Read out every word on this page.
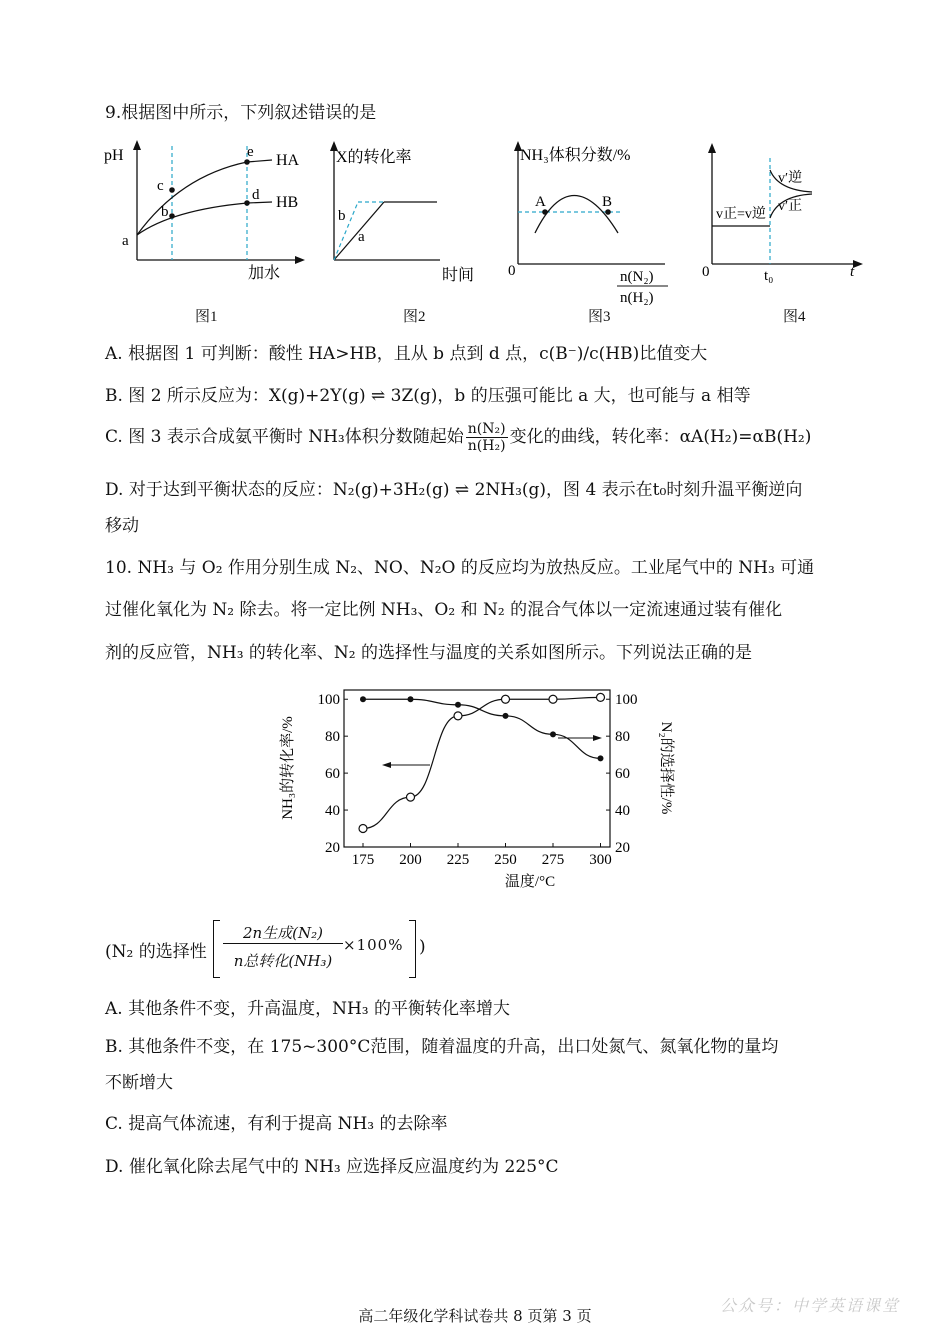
9.根据图中所示，下列叙述错误的是
pH	HA
HB
a
b
c
d
e
加水
图1
X的转化率
a
b
时间
图2
NH₃体积分数/%
A	B
0	n(N₂)
n(H₂)
图3
v正=v逆
v′逆
v′正
0	t₀	t
图4
A. 根据图 1 可判断：酸性 HA>HB，且从 b 点到 d 点，c(B⁻)/c(HB)比值变大
B. 图 2 所示反应为：X(g)+2Y(g) ⇌ 3Z(g)，b 的压强可能比 a 大，也可能与 a 相等
C. 图 3 表示合成氨平衡时 NH₃体积分数随起始 $\frac{\text{n(N₂)}}{\text{n(H₂)}}$ 变化的曲线，转化率：αA(H₂)=αB(H₂)
D. 对于达到平衡状态的反应：N₂(g)+3H₂(g) ⇌ 2NH₃(g)，图 4 表示在t₀时刻升温平衡逆向
移动
10. NH₃ 与 O₂ 作用分别生成 N₂、NO、N₂O 的反应均为放热反应。工业尾气中的 NH₃ 可通
过催化氧化为 N₂ 除去。将一定比例 NH₃、O₂ 和 N₂ 的混合气体以一定流速通过装有催化
剂的反应管，NH₃ 的转化率、N₂ 的选择性与温度的关系如图所示。下列说法正确的是
175 200 225 250 275 300
20
40
60
80
100
20
40
60
80
100
NH₃的转化率/%	N₂的选择性/%
温度/°C
(N₂ 的选择性
2n生成(N₂)
n总转化(NH₃)
×100% )
A. 其他条件不变，升高温度，NH₃ 的平衡转化率增大
B. 其他条件不变，在 175~300°C范围，随着温度的升高，出口处氮气、氮氧化物的量均
不断增大
C. 提高气体流速，有利于提高 NH₃ 的去除率
D. 催化氧化除去尾气中的 NH₃ 应选择反应温度约为 225°C
高二年级化学科试卷共 8 页第 3 页
公众号：中学英语课堂
